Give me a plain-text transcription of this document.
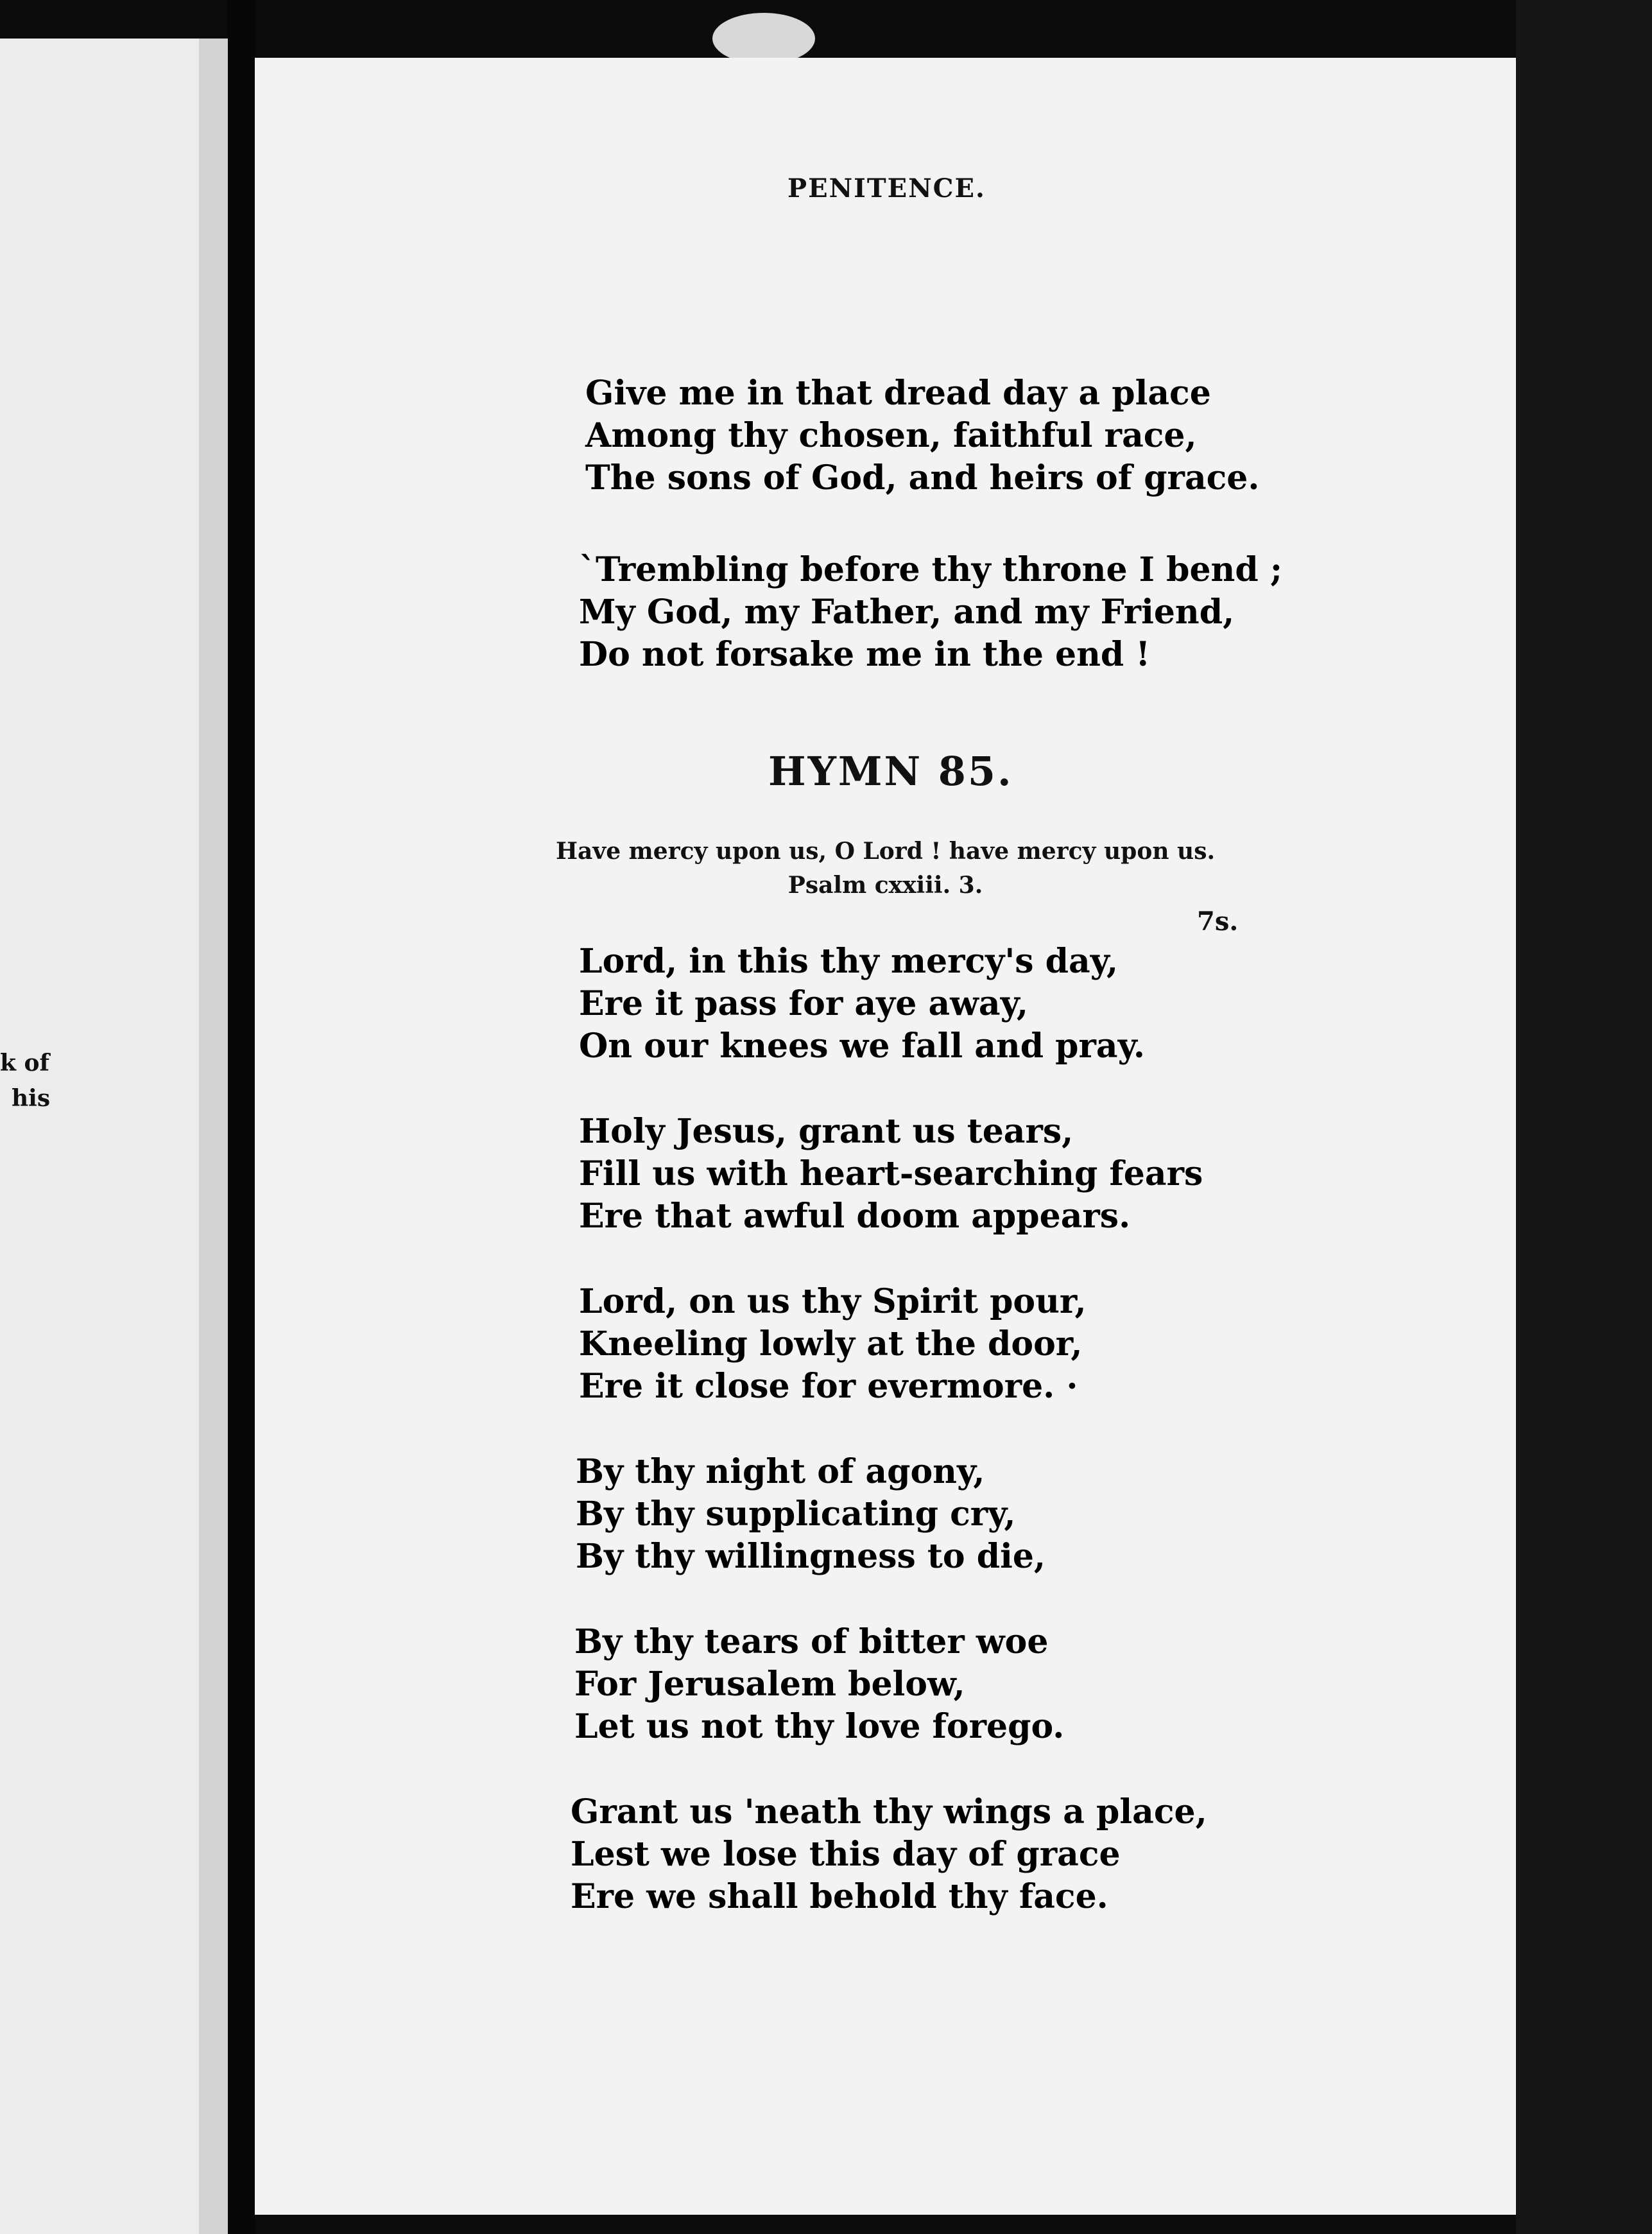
k of
his
PENITENCE.
Give me in that dread day a place
Among thy chosen, faithful race,
The sons of God, and heirs of grace.
`Trembling before thy throne I bend ;
My God, my Father, and my Friend,
Do not forsake me in the end !
HYMN 85.
Have mercy upon us, O Lord ! have mercy upon us.
Psalm cxxiii. 3.
7s.
Lord, in this thy mercy's day,
Ere it pass for aye away,
On our knees we fall and pray.
Holy Jesus, grant us tears,
Fill us with heart-searching fears
Ere that awful doom appears.
Lord, on us thy Spirit pour,
Kneeling lowly at the door,
Ere it close for evermore. ·
By thy night of agony,
By thy supplicating cry,
By thy willingness to die,
By thy tears of bitter woe
For Jerusalem below,
Let us not thy love forego.
Grant us 'neath thy wings a place,
Lest we lose this day of grace
Ere we shall behold thy face.
